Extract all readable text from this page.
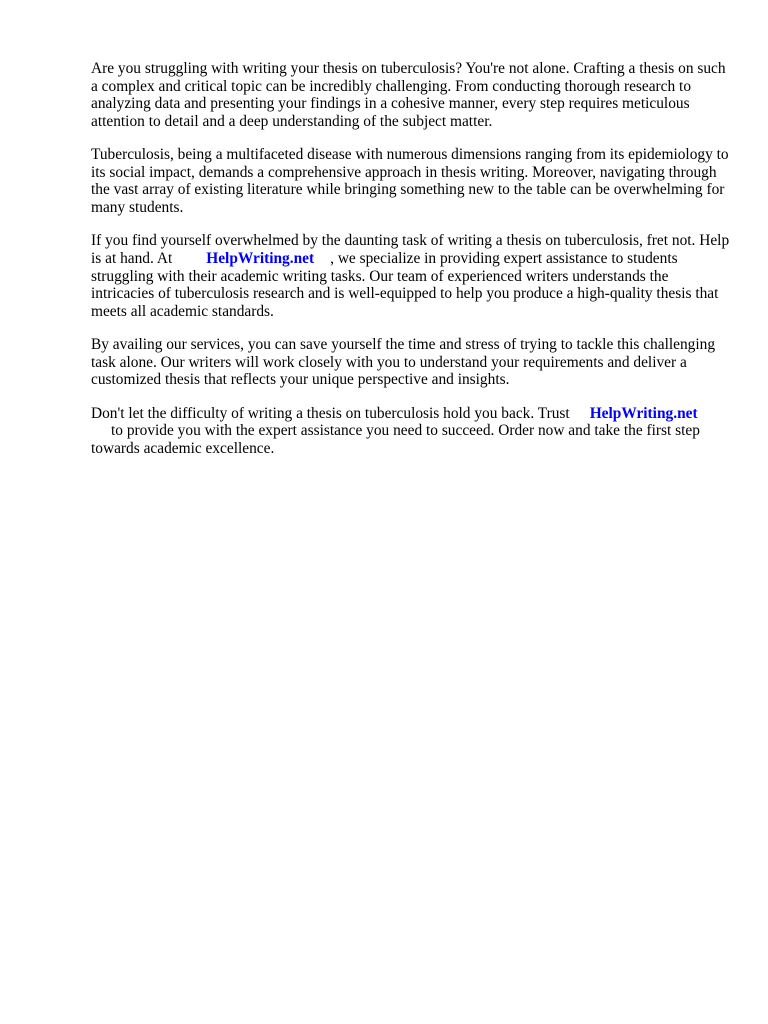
Are you struggling with writing your thesis on tuberculosis? You're not alone. Crafting a thesis on such a complex and critical topic can be incredibly challenging. From conducting thorough research to analyzing data and presenting your findings in a cohesive manner, every step requires meticulous attention to detail and a deep understanding of the subject matter.

Tuberculosis, being a multifaceted disease with numerous dimensions ranging from its epidemiology to its social impact, demands a comprehensive approach in thesis writing. Moreover, navigating through the vast array of existing literature while bringing something new to the table can be overwhelming for many students.

If you find yourself overwhelmed by the daunting task of writing a thesis on tuberculosis, fret not. Help is at hand. At HelpWriting.net , we specialize in providing expert assistance to students struggling with their academic writing tasks. Our team of experienced writers understands the intricacies of tuberculosis research and is well-equipped to help you produce a high-quality thesis that meets all academic standards.

By availing our services, you can save yourself the time and stress of trying to tackle this challenging task alone. Our writers will work closely with you to understand your requirements and deliver a customized thesis that reflects your unique perspective and insights.

Don't let the difficulty of writing a thesis on tuberculosis hold you back. Trust HelpWriting.net
to provide you with the expert assistance you need to succeed. Order now and take the first step towards academic excellence.
